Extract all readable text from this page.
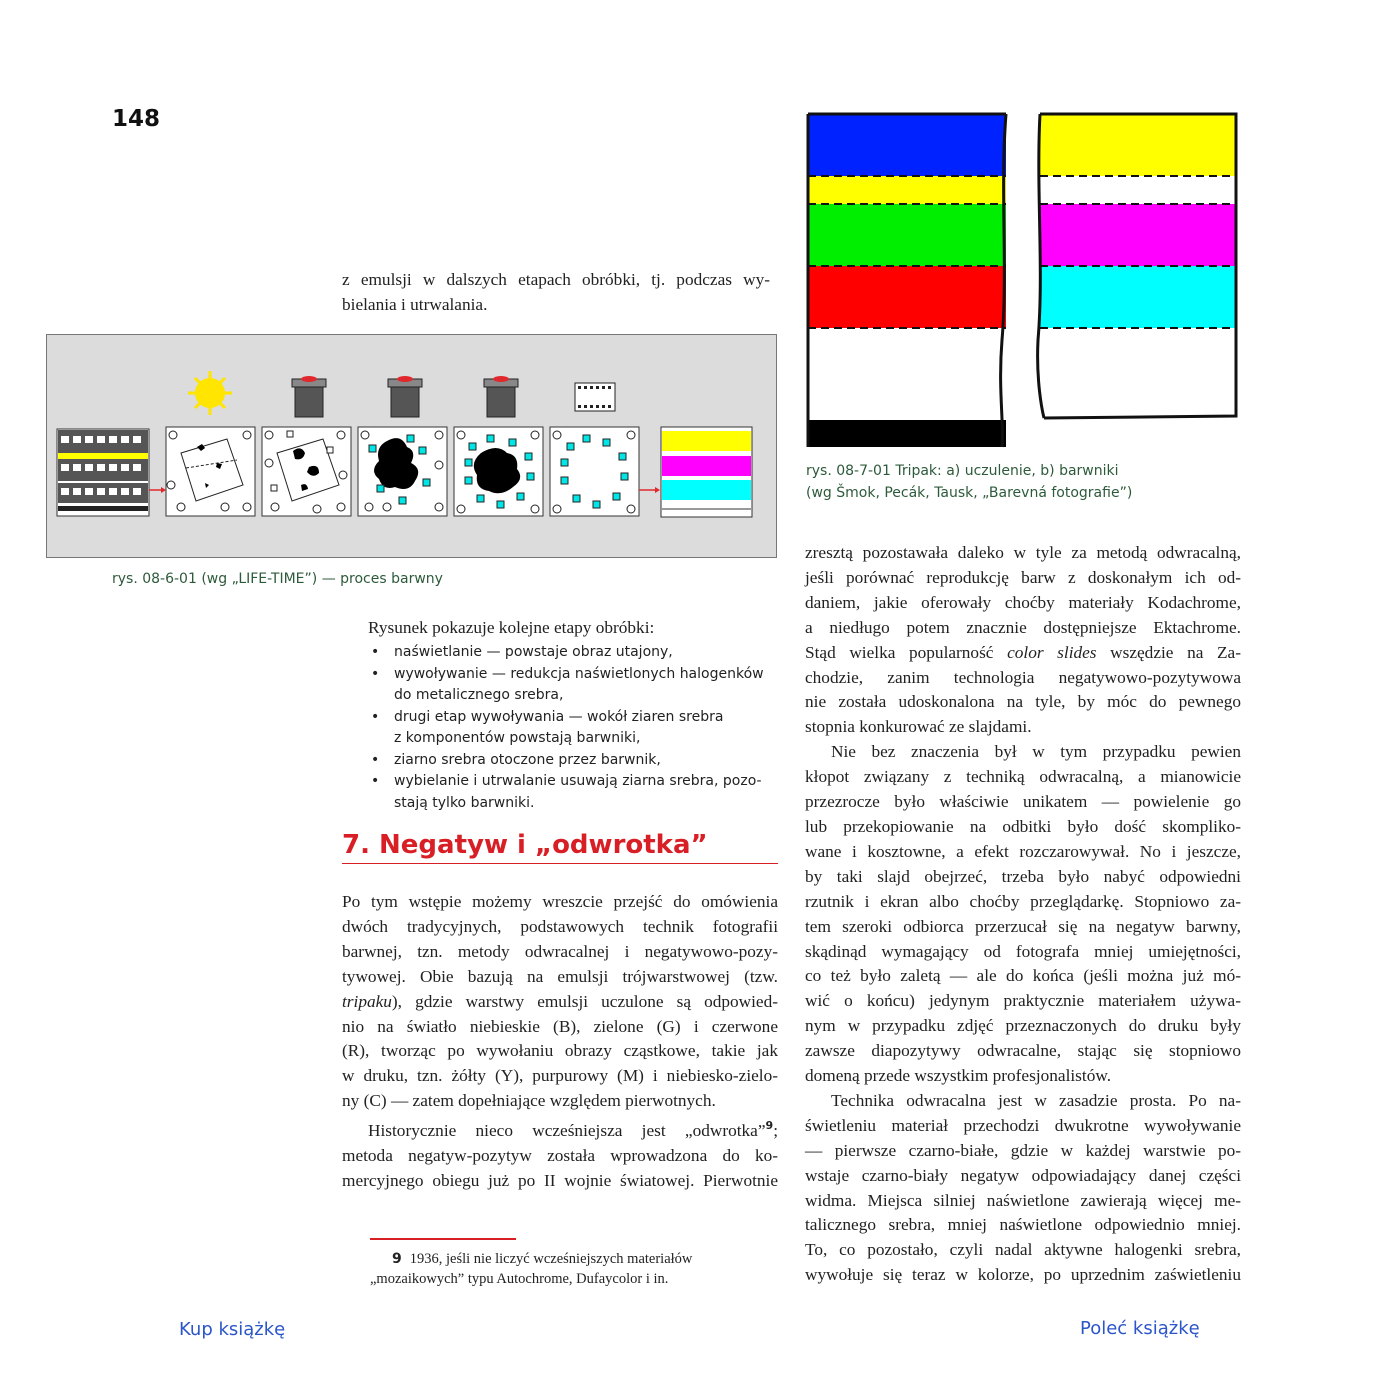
148
z emulsji w dalszych etapach obróbki, tj. podczas wy-
bielania i utrwalania.
rys. 08-6-01 (wg „LIFE-TIME”) — proces barwny
rys. 08-7-01 Tripak: a) uczulenie, b) barwniki
(wg Šmok, Pecák, Tausk, „Barevná fotografie”)
Rysunek pokazuje kolejne etapy obróbki:
• naświetlanie — powstaje obraz utajony,
• wywoływanie — redukcja naświetlonych halogenków
do metalicznego srebra,
• drugi etap wywoływania — wokół ziaren srebra
z komponentów powstają barwniki,
• ziarno srebra otoczone przez barwnik,
• wybielanie i utrwalanie usuwają ziarna srebra, pozo-
stają tylko barwniki.
7. Negatyw i „odwrotka”
Po tym wstępie możemy wreszcie przejść do omówienia
dwóch tradycyjnych, podstawowych technik fotografii
barwnej, tzn. metody odwracalnej i negatywowo-pozy-
tywowej. Obie bazują na emulsji trójwarstwowej (tzw.
tripaku), gdzie warstwy emulsji uczulone są odpowied-
nio na światło niebieskie (B), zielone (G) i czerwone
(R), tworząc po wywołaniu obrazy cząstkowe, takie jak
w druku, tzn. żółty (Y), purpurowy (M) i niebiesko-zielo-
ny (C) — zatem dopełniające względem pierwotnych.
Historycznie nieco wcześniejsza jest „odwrotka”$^9$;
metoda negatyw-pozytyw została wprowadzona do ko-
mercyjnego obiegu już po II wojnie światowej. Pierwotnie
zresztą pozostawała daleko w tyle za metodą odwracalną,
jeśli porównać reprodukcję barw z doskonałym ich od-
daniem, jakie oferowały choćby materiały Kodachrome,
a niedługo potem znacznie dostępniejsze Ektachrome.
Stąd wielka popularność color slides wszędzie na Za-
chodzie, zanim technologia negatywowo-pozytywowa
nie została udoskonalona na tyle, by móc do pewnego
stopnia konkurować ze slajdami.
Nie bez znaczenia był w tym przypadku pewien
kłopot związany z techniką odwracalną, a mianowicie
przezrocze było właściwie unikatem — powielenie go
lub przekopiowanie na odbitki było dość skompliko-
wane i kosztowne, a efekt rozczarowywał. No i jeszcze,
by taki slajd obejrzeć, trzeba było nabyć odpowiedni
rzutnik i ekran albo choćby przeglądarkę. Stopniowo za-
tem szeroki odbiorca przerzucał się na negatyw barwny,
skądinąd wymagający od fotografa mniej umiejętności,
co też było zaletą — ale do końca (jeśli można już mó-
wić o końcu) jedynym praktycznie materiałem używa-
nym w przypadku zdjęć przeznaczonych do druku były
zawsze diapozytywy odwracalne, stając się stopniowo
domeną przede wszystkim profesjonalistów.
Technika odwracalna jest w zasadzie prosta. Po na-
świetleniu materiał przechodzi dwukrotne wywoływanie
— pierwsze czarno-białe, gdzie w każdej warstwie po-
wstaje czarno-biały negatyw odpowiadający danej części
widma. Miejsca silniej naświetlone zawierają więcej me-
talicznego srebra, mniej naświetlone odpowiednio mniej.
To, co pozostało, czyli nadal aktywne halogenki srebra,
wywołuje się teraz w kolorze, po uprzednim zaświetleniu
9 1936, jeśli nie liczyć wcześniejszych materiałów
„mozaikowych” typu Autochrome, Dufaycolor i in.
Kup książkę	Poleć książkę
